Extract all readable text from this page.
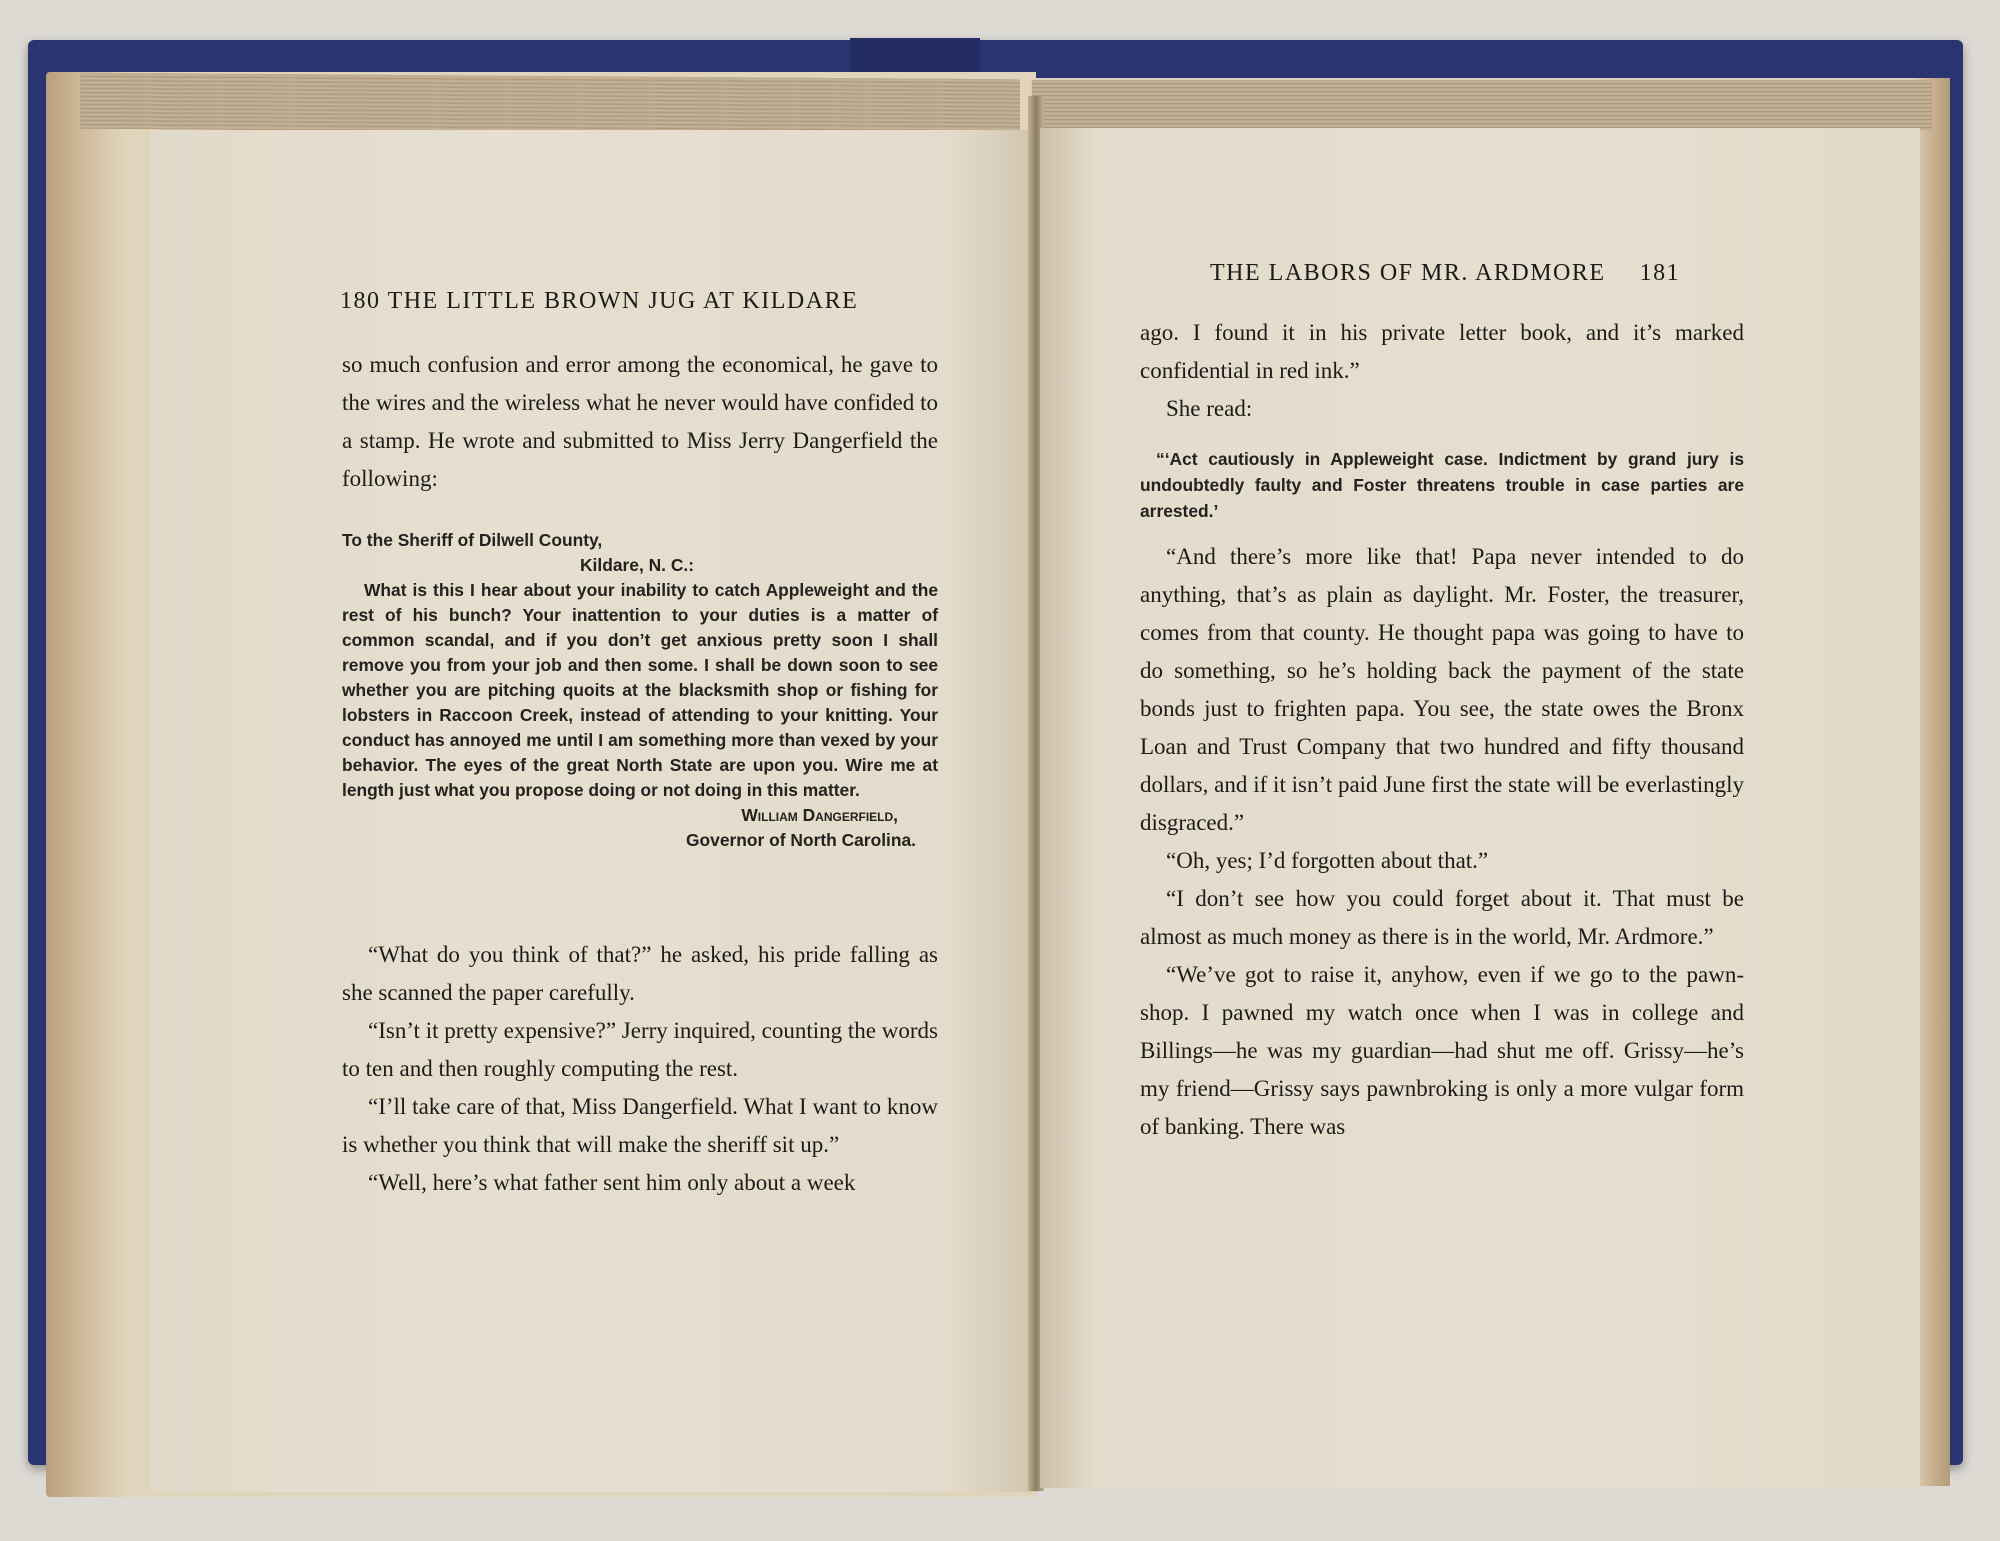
180 THE LITTLE BROWN JUG AT KILDARE

so much confusion and error among the economical, he gave to the wires and the wireless what he never would have confided to a stamp. He wrote and submitted to Miss Jerry Dangerfield the following:

To the Sheriff of Dilwell County,

Kildare, N. C.:

What is this I hear about your inability to catch Appleweight and the rest of his bunch? Your inattention to your duties is a matter of common scandal, and if you don’t get anxious pretty soon I shall remove you from your job and then some. I shall be down soon to see whether you are pitching quoits at the blacksmith shop or fishing for lobsters in Raccoon Creek, instead of attending to your knitting. Your conduct has annoyed me until I am something more than vexed by your behavior. The eyes of the great North State are upon you. Wire me at length just what you propose doing or not doing in this matter.

William Dangerfield,

Governor of North Carolina.

“What do you think of that?” he asked, his pride falling as she scanned the paper carefully.

“Isn’t it pretty expensive?” Jerry inquired, counting the words to ten and then roughly computing the rest.

“I’ll take care of that, Miss Dangerfield. What I want to know is whether you think that will make the sheriff sit up.”

“Well, here’s what father sent him only about a week

THE LABORS OF MR. ARDMORE 181

ago. I found it in his private letter book, and it’s marked confidential in red ink.”

She read:

“‘Act cautiously in Appleweight case. Indictment by grand jury is undoubtedly faulty and Foster threatens trouble in case parties are arrested.’

“And there’s more like that! Papa never intended to do anything, that’s as plain as daylight. Mr. Foster, the treasurer, comes from that county. He thought papa was going to have to do something, so he’s holding back the payment of the state bonds just to frighten papa. You see, the state owes the Bronx Loan and Trust Company that two hundred and fifty thousand dollars, and if it isn’t paid June first the state will be everlastingly disgraced.”

“Oh, yes; I’d forgotten about that.”

“I don’t see how you could forget about it. That must be almost as much money as there is in the world, Mr. Ardmore.”

“We’ve got to raise it, anyhow, even if we go to the pawn-shop. I pawned my watch once when I was in college and Billings—he was my guardian—had shut me off. Grissy—he’s my friend—Grissy says pawnbroking is only a more vulgar form of banking. There was
